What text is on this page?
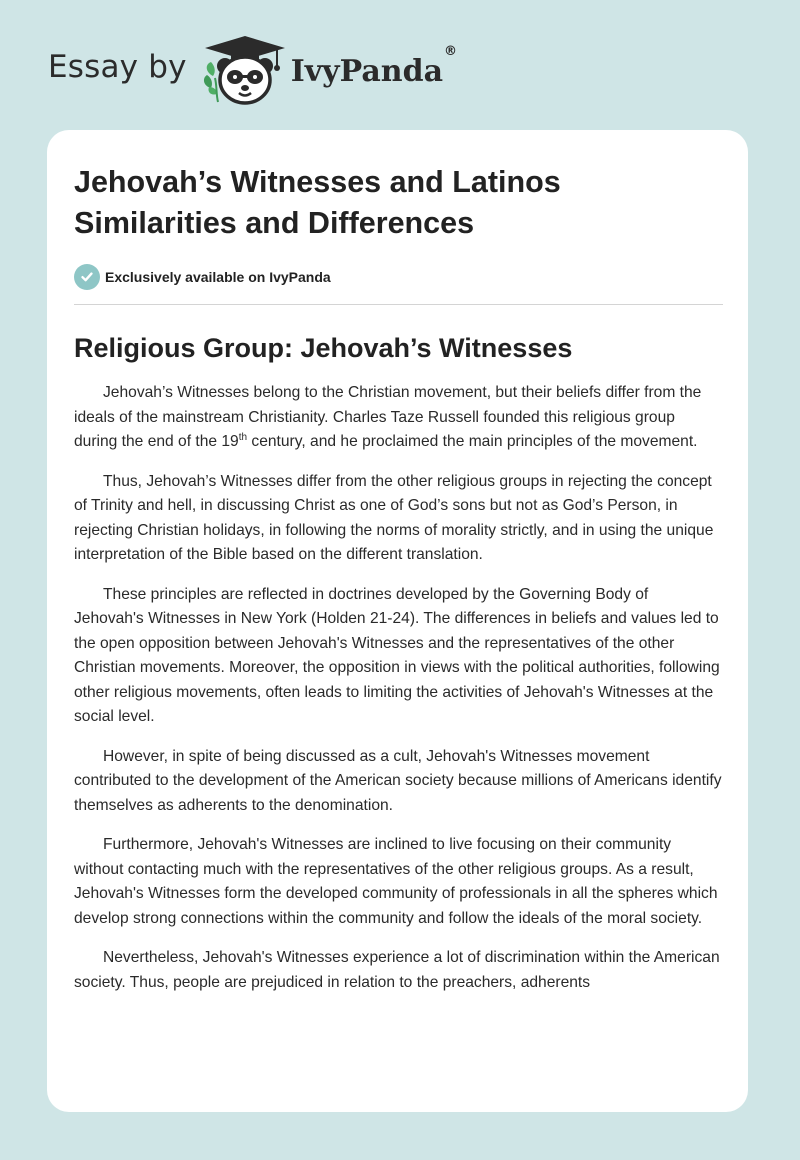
Essay by	IvyPanda®
Jehovah’s Witnesses and Latinos Similarities and Differences
Exclusively available on IvyPanda
Religious Group: Jehovah’s Witnesses

Jehovah’s Witnesses belong to the Christian movement, but their beliefs differ from the ideals of the mainstream Christianity. Charles Taze Russell founded this religious group during the end of the 19th century, and he proclaimed the main principles of the movement.

Thus, Jehovah’s Witnesses differ from the other religious groups in rejecting the concept of Trinity and hell, in discussing Christ as one of God’s sons but not as God’s Person, in rejecting Christian holidays, in following the norms of morality strictly, and in using the unique interpretation of the Bible based on the different translation.

These principles are reflected in doctrines developed by the Governing Body of Jehovah's Witnesses in New York (Holden 21-24). The differences in beliefs and values led to the open opposition between Jehovah's Witnesses and the representatives of the other Christian movements. Moreover, the opposition in views with the political authorities, following other religious movements, often leads to limiting the activities of Jehovah's Witnesses at the social level.

However, in spite of being discussed as a cult, Jehovah's Witnesses movement contributed to the development of the American society because millions of Americans identify themselves as adherents to the denomination.

Furthermore, Jehovah's Witnesses are inclined to live focusing on their community without contacting much with the representatives of the other religious groups. As a result, Jehovah's Witnesses form the developed community of professionals in all the spheres which develop strong connections within the community and follow the ideals of the moral society.

Nevertheless, Jehovah's Witnesses experience a lot of discrimination within the American society. Thus, people are prejudiced in relation to the preachers, adherents
